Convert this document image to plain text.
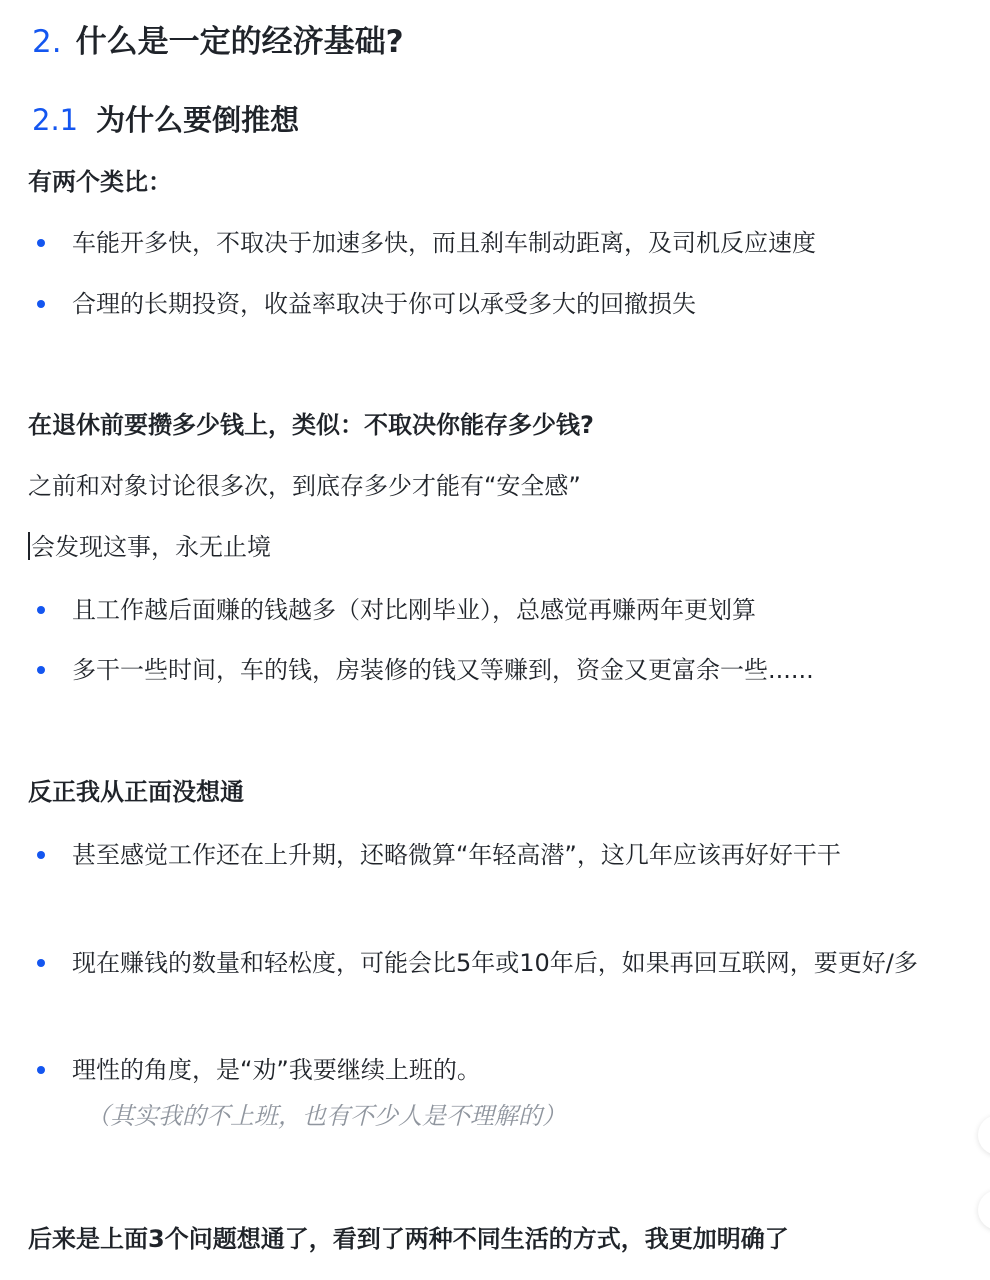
2. 什么是一定的经济基础?
2.1 为什么要倒推想
有两个类比：
车能开多快，不取决于加速多快，而且刹车制动距离，及司机反应速度
合理的长期投资，收益率取决于你可以承受多大的回撤损失
在退休前要攒多少钱上，类似：不取决你能存多少钱?
之前和对象讨论很多次，到底存多少才能有“安全感”
会发现这事，永无止境
且工作越后面赚的钱越多（对比刚毕业），总感觉再赚两年更划算
多干一些时间，车的钱，房装修的钱又等赚到，资金又更富余一些......
反正我从正面没想通
甚至感觉工作还在上升期，还略微算“年轻高潜”，这几年应该再好好干干
现在赚钱的数量和轻松度，可能会比5年或10年后，如果再回互联网，要更好/多
理性的角度，是“劝”我要继续上班的。（其实我的不上班，也有不少人是不理解的）
后来是上面3个问题想通了，看到了两种不同生活的方式，我更加明确了
